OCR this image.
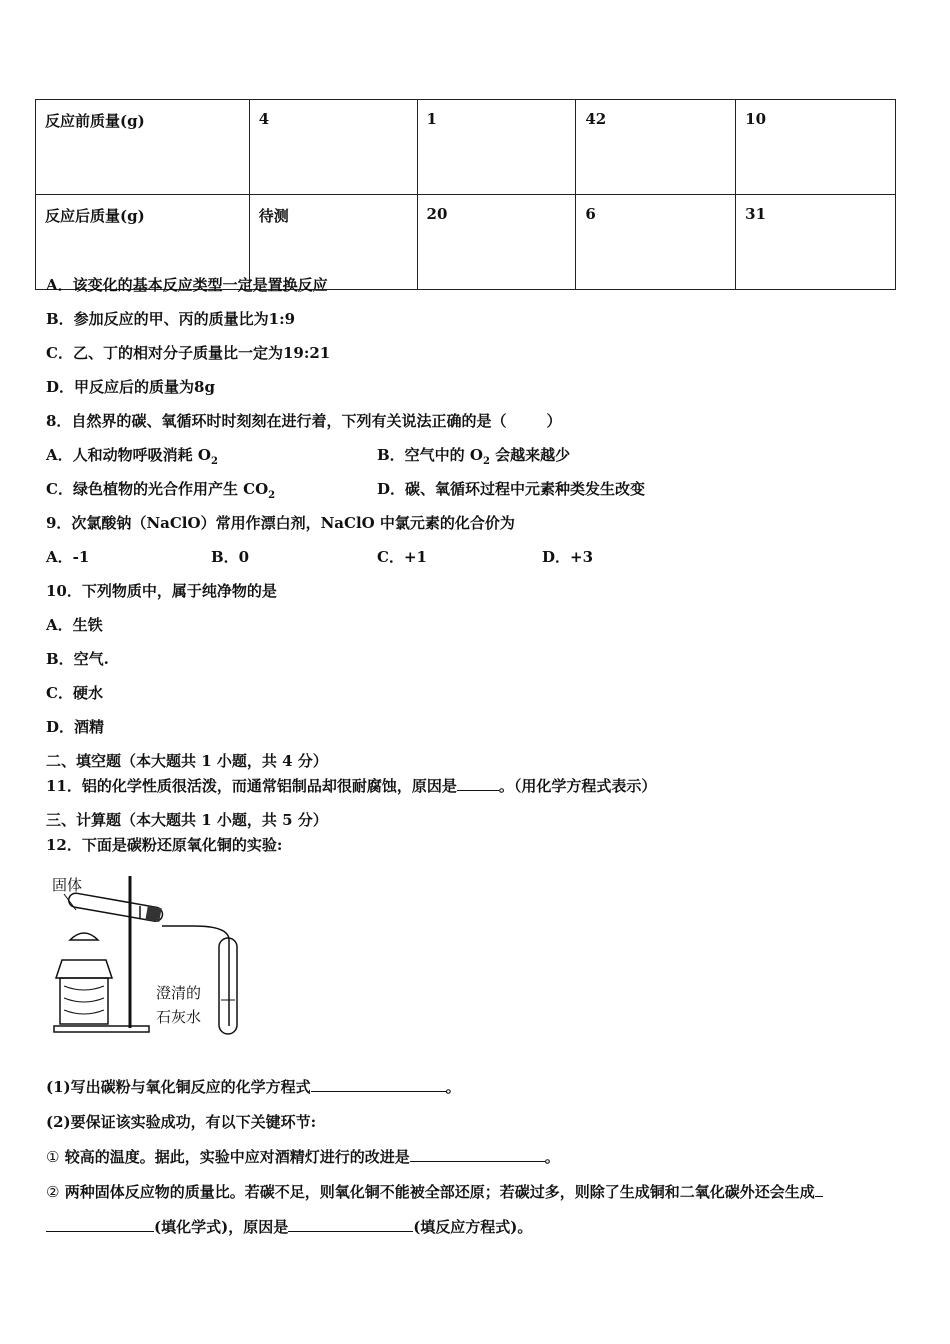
反应前质量(g)	4	1	42	10
反应后质量(g)	待测	20	6	31
A．该变化的基本反应类型一定是置换反应
B．参加反应的甲、丙的质量比为1:9
C．乙、丁的相对分子质量比一定为19:21
D．甲反应后的质量为8g
8．自然界的碳、氧循环时时刻刻在进行着，下列有关说法正确的是（	）
A．人和动物呼吸消耗 $O_2$	B．空气中的 $O_2$ 会越来越少
C．绿色植物的光合作用产生 $CO_2$	D．碳、氧循环过程中元素种类发生改变
9．次氯酸钠（NaClO）常用作漂白剂，NaClO 中氯元素的化合价为
A．-1	B．0	C．+1	D．+3
10．下列物质中，属于纯净物的是
A．生铁
B．空气.
C．硬水
D．酒精
二、填空题（本大题共 1 小题，共 4 分）
11．铝的化学性质很活泼，而通常铝制品却很耐腐蚀，原因是	。（用化学方程式表示）
三、计算题（本大题共 1 小题，共 5 分）
12．下面是碳粉还原氧化铜的实验:
固体
澄清的
石灰水
(1)写出碳粉与氧化铜反应的化学方程式	。
(2)要保证该实验成功，有以下关键环节:
① 较高的温度。据此，实验中应对酒精灯进行的改进是	。
② 两种固体反应物的质量比。若碳不足，则氧化铜不能被全部还原；若碳过多，则除了生成铜和二氧化碳外还会生成
(填化学式)，原因是	(填反应方程式)。
